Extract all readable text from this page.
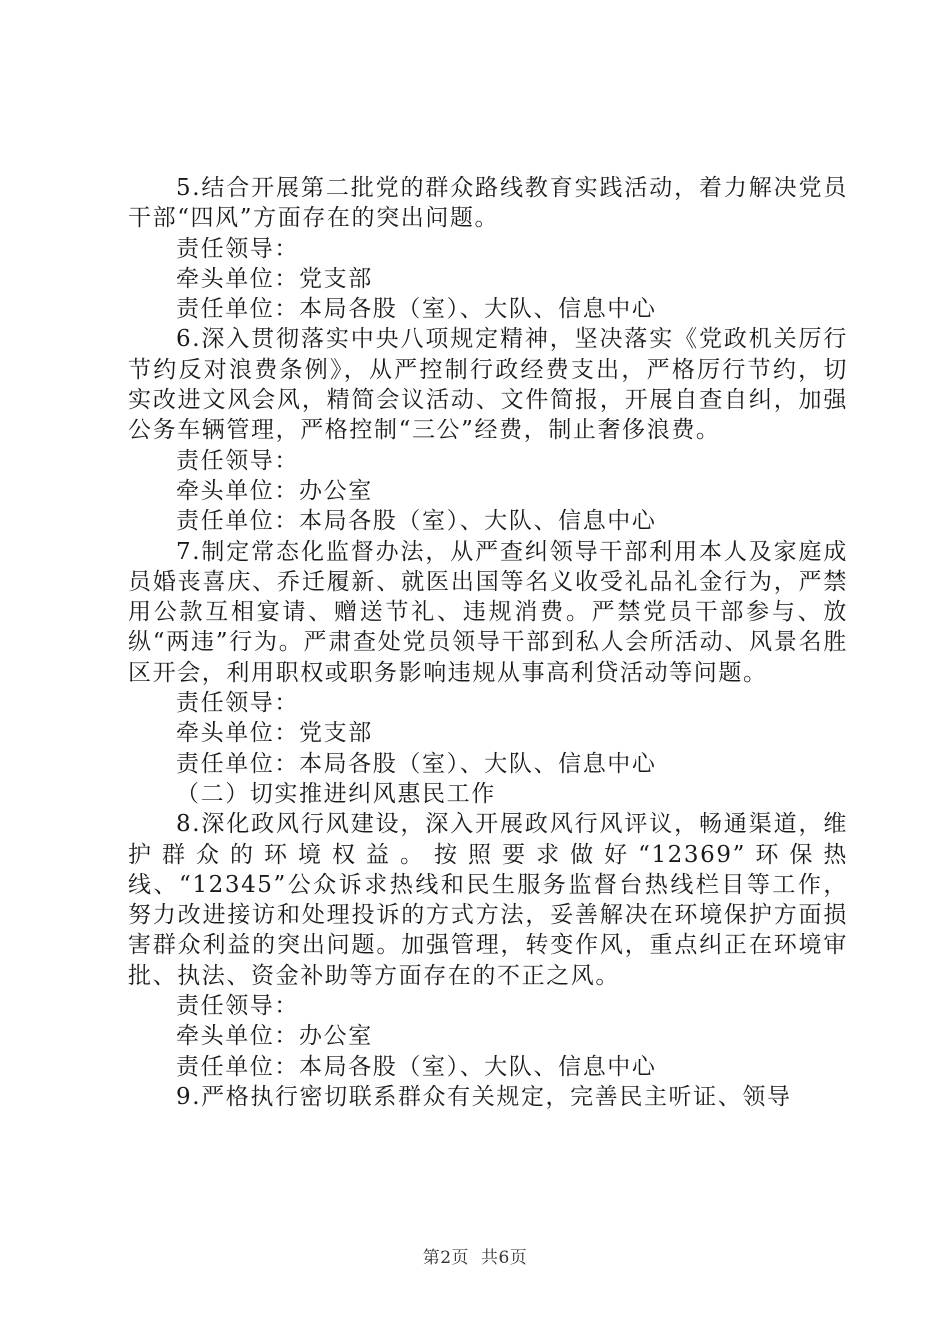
5.结合开展第二批党的群众路线教育实践活动，着力解决党员干部“四风”方面存在的突出问题。

责任领导：

牵头单位：党支部

责任单位：本局各股（室）、大队、信息中心

6.深入贯彻落实中央八项规定精神，坚决落实《党政机关厉行节约反对浪费条例》，从严控制行政经费支出，严格厉行节约，切实改进文风会风，精简会议活动、文件简报，开展自查自纠，加强公务车辆管理，严格控制“三公”经费，制止奢侈浪费。

责任领导：

牵头单位：办公室

责任单位：本局各股（室）、大队、信息中心

7.制定常态化监督办法，从严查纠领导干部利用本人及家庭成员婚丧喜庆、乔迁履新、就医出国等名义收受礼品礼金行为，严禁用公款互相宴请、赠送节礼、违规消费。严禁党员干部参与、放纵“两违”行为。严肃查处党员领导干部到私人会所活动、风景名胜区开会，利用职权或职务影响违规从事高利贷活动等问题。

责任领导：

牵头单位：党支部

责任单位：本局各股（室）、大队、信息中心

（二）切实推进纠风惠民工作

8.深化政风行风建设，深入开展政风行风评议，畅通渠道，维护群众的环境权益。按照要求做好“12369”环保热线、“12345”公众诉求热线和民生服务监督台热线栏目等工作，努力改进接访和处理投诉的方式方法，妥善解决在环境保护方面损害群众利益的突出问题。加强管理，转变作风，重点纠正在环境审批、执法、资金补助等方面存在的不正之风。

责任领导：

牵头单位：办公室

责任单位：本局各股（室）、大队、信息中心

9.严格执行密切联系群众有关规定，完善民主听证、领导

第2页 共6页
